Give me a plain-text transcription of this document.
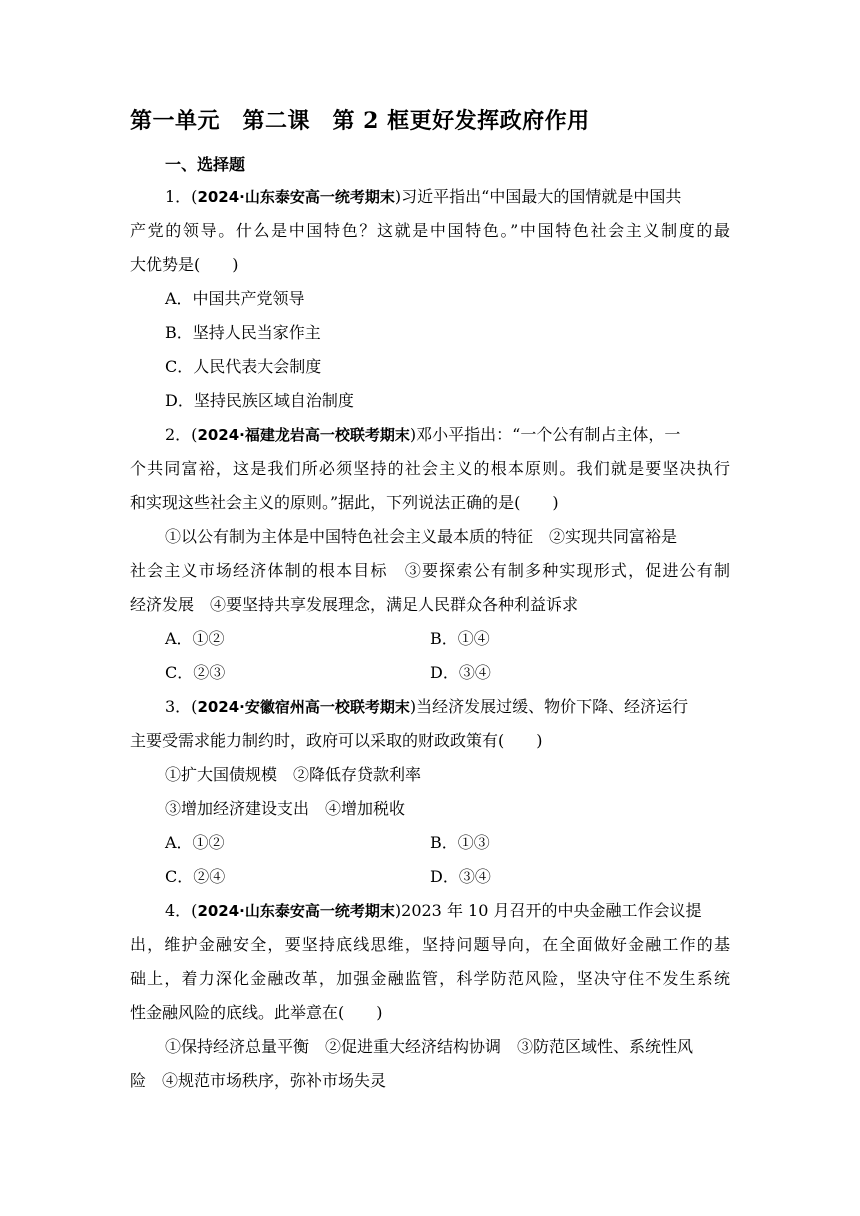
第一单元　第二课　第 2 框更好发挥政府作用
一、选择题
1．(2024·山东泰安高一统考期末)习近平指出“中国最大的国情就是中国共
产党的领导。什么是中国特色？这就是中国特色。”中国特色社会主义制度的最
大优势是(　　)
A．中国共产党领导
B．坚持人民当家作主
C．人民代表大会制度
D．坚持民族区域自治制度
2．(2024·福建龙岩高一校联考期末)邓小平指出：“一个公有制占主体，一
个共同富裕，这是我们所必须坚持的社会主义的根本原则。我们就是要坚决执行
和实现这些社会主义的原则。”据此，下列说法正确的是(　　)
①以公有制为主体是中国特色社会主义最本质的特征　②实现共同富裕是
社会主义市场经济体制的根本目标　③要探索公有制多种实现形式，促进公有制
经济发展　④要坚持共享发展理念，满足人民群众各种利益诉求
A．①②	B．①④
C．②③	D．③④
3．(2024·安徽宿州高一校联考期末)当经济发展过缓、物价下降、经济运行
主要受需求能力制约时，政府可以采取的财政政策有(　　)
①扩大国债规模　②降低存贷款利率
③增加经济建设支出　④增加税收
A．①②	B．①③
C．②④	D．③④
4．(2024·山东泰安高一统考期末)2023 年 10 月召开的中央金融工作会议提
出，维护金融安全，要坚持底线思维，坚持问题导向，在全面做好金融工作的基
础上，着力深化金融改革，加强金融监管，科学防范风险，坚决守住不发生系统
性金融风险的底线。此举意在(　　)
①保持经济总量平衡　②促进重大经济结构协调　③防范区域性、系统性风
险　④规范市场秩序，弥补市场失灵
